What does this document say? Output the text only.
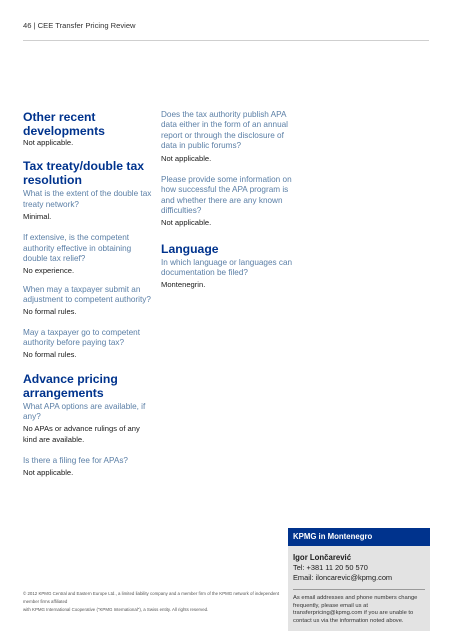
46 | CEE Transfer Pricing Review

Other recent developments

Not applicable.

Tax treaty/double tax resolution

What is the extent of the double tax treaty network?

Minimal.

If extensive, is the competent authority effective in obtaining double tax relief?

No experience.

When may a taxpayer submit an adjustment to competent authority?

No formal rules.

May a taxpayer go to competent authority before paying tax?

No formal rules.

Advance pricing arrangements

What APA options are available, if any?

No APAs or advance rulings of any kind are available.

Is there a filing fee for APAs?

Not applicable.

Does the tax authority publish APA data either in the form of an annual report or through the disclosure of data in public forums?

Not applicable.

Please provide some information on how successful the APA program is and whether there are any known difficulties?

Not applicable.

Language

In which language or languages can documentation be filed?

Montenegrin.

KPMG in Montenegro
Igor Lončarević
Tel: +381 11 20 50 570
Email: iloncarevic@kpmg.com
As email addresses and phone numbers change frequently, please email us at transferpricing@kpmg.com if you are unable to contact us via the information noted above.
© 2012 KPMG Central and Eastern Europe Ltd., a limited liability company and a member firm of the KPMG network of independent member firms affiliated
with KPMG International Cooperative ("KPMG International"), a Swiss entity. All rights reserved.
